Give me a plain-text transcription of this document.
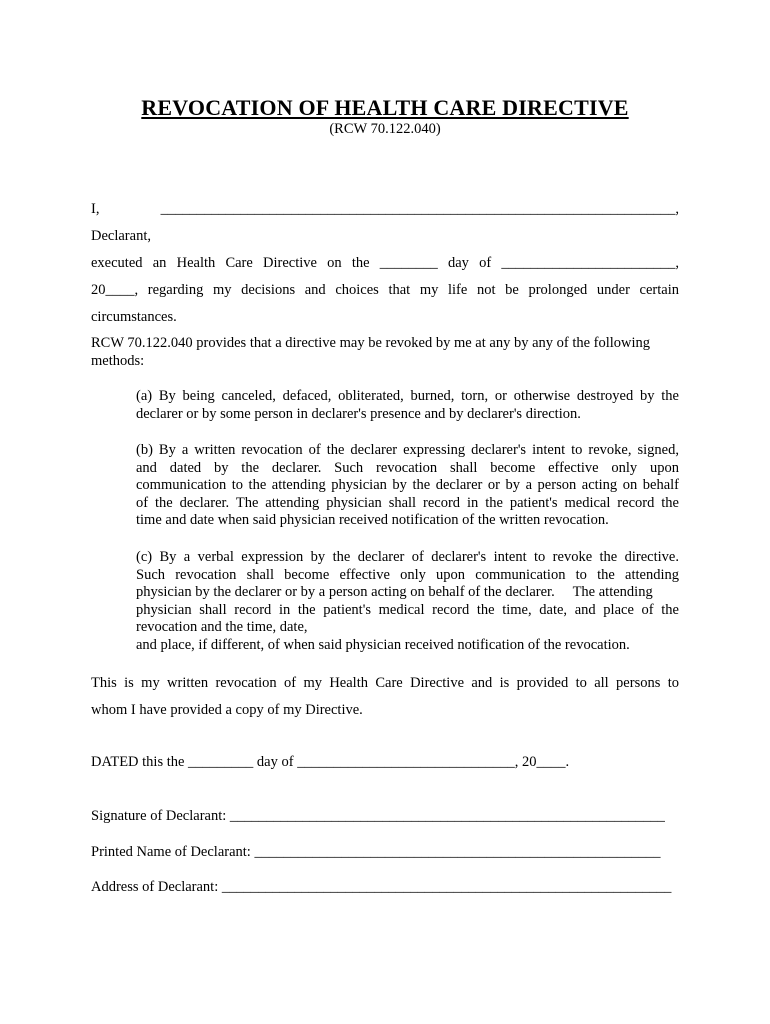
REVOCATION OF HEALTH CARE DIRECTIVE
(RCW 70.122.040)
I, _______________________________________________________________________, Declarant,
executed an Health Care Directive on the ________ day of ________________________,
20____, regarding my decisions and choices that my life not be prolonged under certain
circumstances.
RCW 70.122.040 provides that a directive may be revoked by me at any by any of the following
methods:
(a) By being canceled, defaced, obliterated, burned, torn, or otherwise destroyed by the
declarer or by some person in declarer's presence and by declarer's direction.
(b) By a written revocation of the declarer expressing declarer's intent to revoke, signed,
and dated by the declarer. Such revocation shall become effective only upon
communication to the attending physician by the declarer or by a person acting on behalf
of the declarer. The attending physician shall record in the patient's medical record the
time and date when said physician received notification of the written revocation.
(c) By a verbal expression by the declarer of declarer's intent to revoke the directive.
Such revocation shall become effective only upon communication to the attending
physician by the declarer or by a person acting on behalf of the declarer.     The attending
physician shall record in the patient's medical record the time, date, and place of the
revocation and the time, date,
and place, if different, of when said physician received notification of the revocation.
This is my written revocation of my Health Care Directive and is provided to all persons to
whom I have provided a copy of my Directive.
DATED this the _________ day of ______________________________, 20____.
Signature of Declarant: ____________________________________________________________
Printed Name of Declarant: ________________________________________________________
Address of Declarant: ______________________________________________________________
